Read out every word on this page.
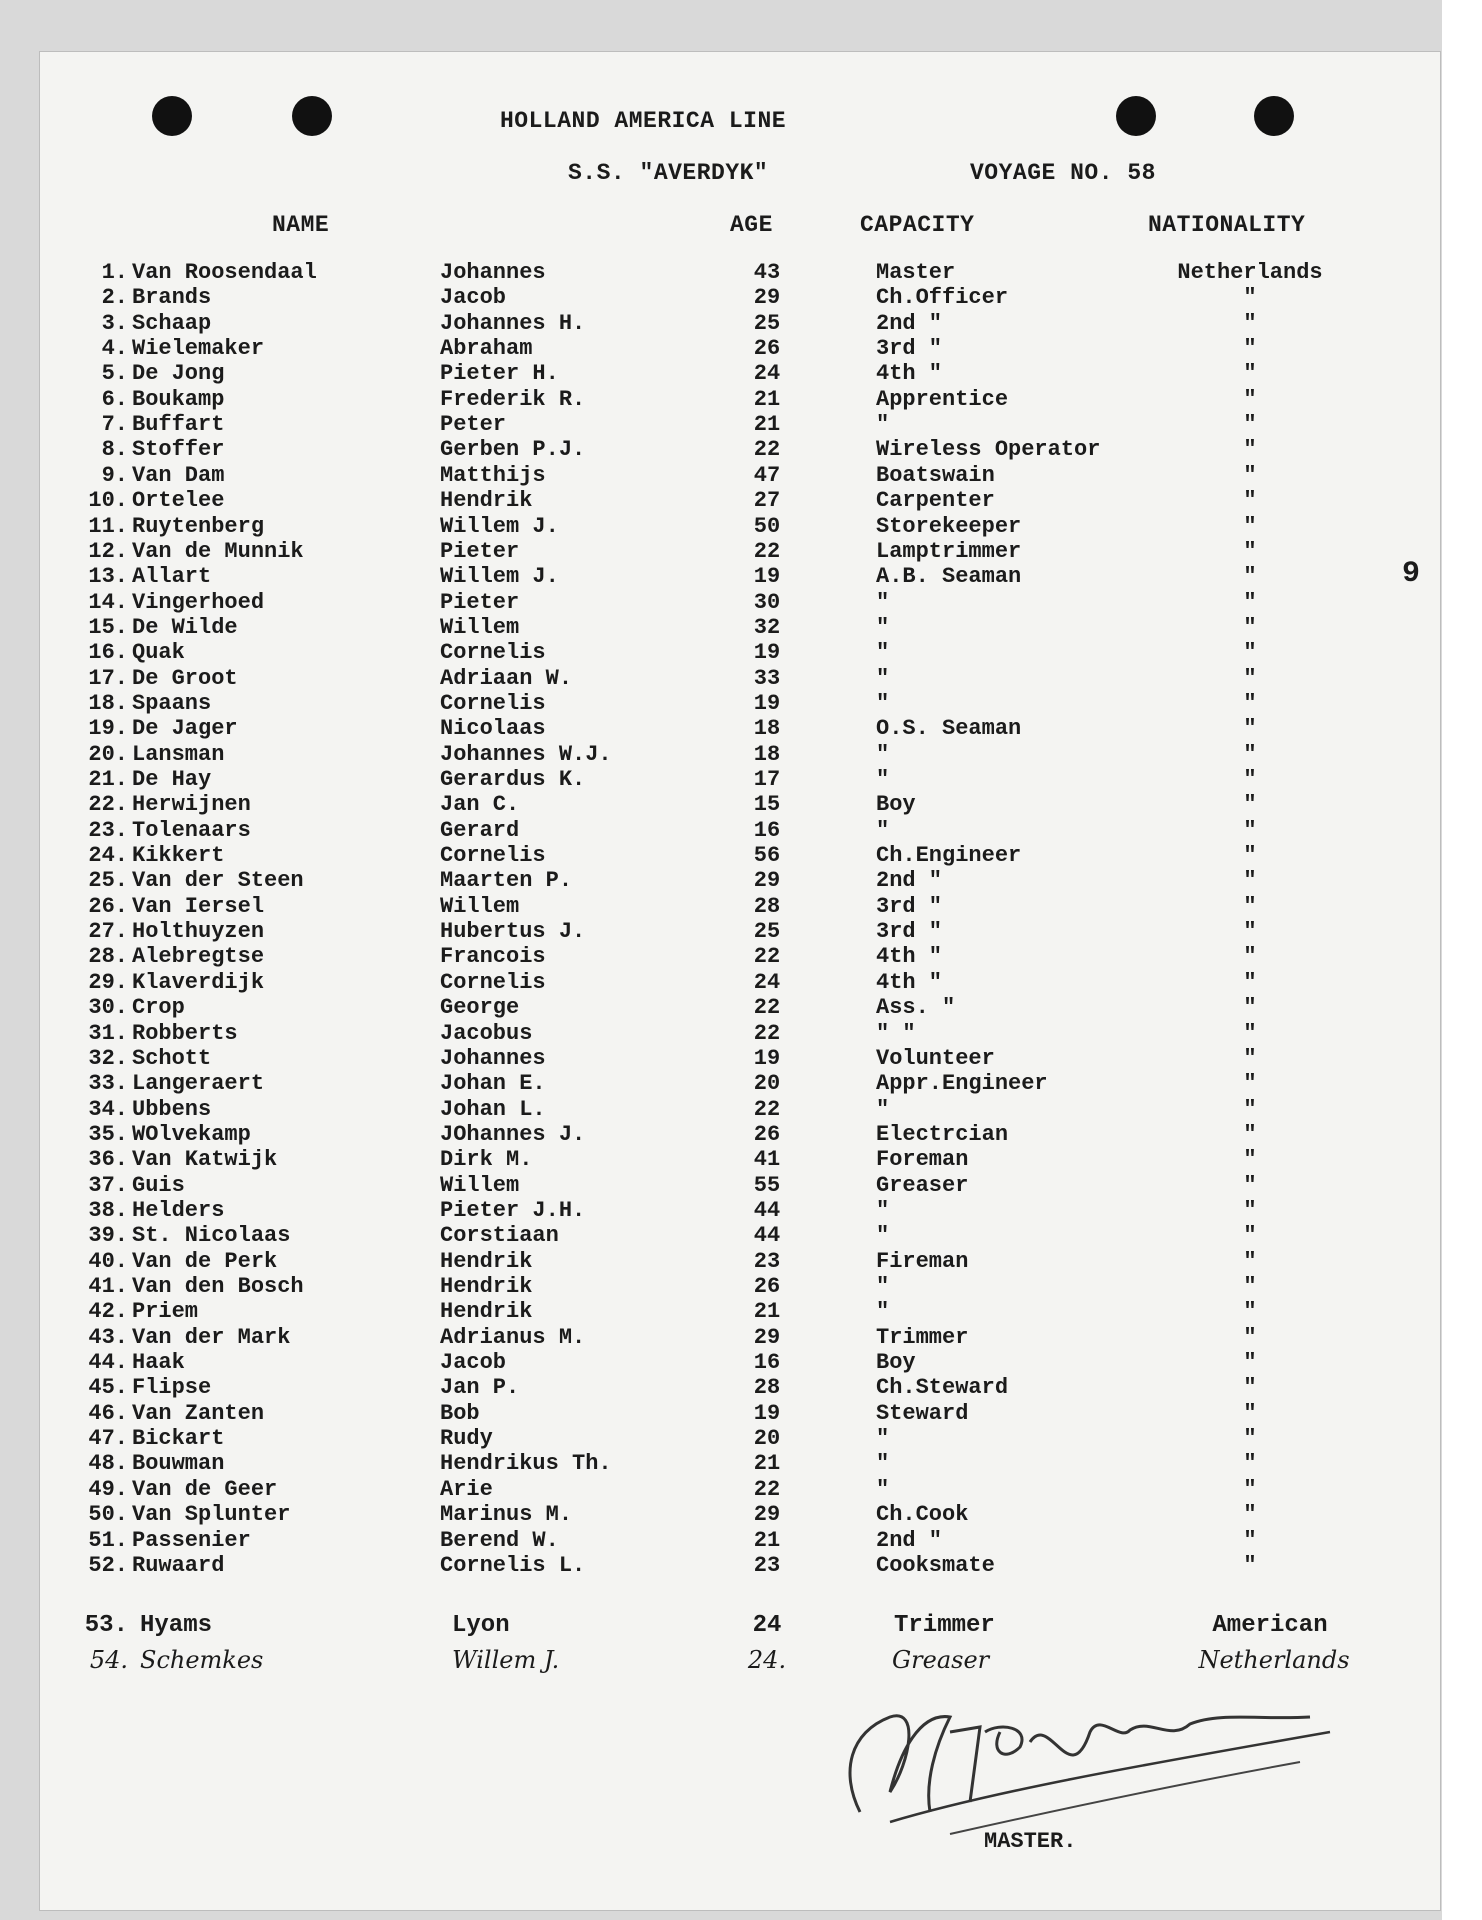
HOLLAND AMERICA LINE
S.S. "AVERDYK"	VOYAGE NO. 58
NAME	AGE	CAPACITY	NATIONALITY
1. Van Roosendaal	Johannes	43	Master	Netherlands
2. Brands	Jacob	29	Ch.Officer	"
3. Schaap	Johannes H.	25	2nd "	"
4. Wielemaker	Abraham	26	3rd "	"
5. De Jong	Pieter H.	24	4th "	"
6. Boukamp	Frederik R.	21	Apprentice	"
7. Buffart	Peter	21	"	"
8. Stoffer	Gerben P.J.	22	Wireless Operator	"
9. Van Dam	Matthijs	47	Boatswain	"
10. Ortelee	Hendrik	27	Carpenter	"
11. Ruytenberg	Willem J.	50	Storekeeper	"
12. Van de Munnik	Pieter	22	Lamptrimmer	"
13. Allart	Willem J.	19	A.B. Seaman	"
14. Vingerhoed	Pieter	30	"	"
15. De Wilde	Willem	32	"	"
16. Quak	Cornelis	19	"	"
17. De Groot	Adriaan W.	33	"	"
18. Spaans	Cornelis	19	"	"
19. De Jager	Nicolaas	18	O.S. Seaman	"
20. Lansman	Johannes W.J.	18	"	"
21. De Hay	Gerardus K.	17	"	"
22. Herwijnen	Jan C.	15	Boy	"
23. Tolenaars	Gerard	16	"	"
24. Kikkert	Cornelis	56	Ch.Engineer	"
25. Van der Steen	Maarten P.	29	2nd "	"
26. Van Iersel	Willem	28	3rd "	"
27. Holthuyzen	Hubertus J.	25	3rd "	"
28. Alebregtse	Francois	22	4th "	"
29. Klaverdijk	Cornelis	24	4th "	"
30. Crop	George	22	Ass. "	"
31. Robberts	Jacobus	22	" "	"
32. Schott	Johannes	19	Volunteer	"
33. Langeraert	Johan E.	20	Appr.Engineer	"
34. Ubbens	Johan L.	22	"	"
35. WOlvekamp	JOhannes J.	26	Electrcian	"
36. Van Katwijk	Dirk M.	41	Foreman	"
37. Guis	Willem	55	Greaser	"
38. Helders	Pieter J.H.	44	"	"
39. St. Nicolaas	Corstiaan	44	"	"
40. Van de Perk	Hendrik	23	Fireman	"
41. Van den Bosch	Hendrik	26	"	"
42. Priem	Hendrik	21	"	"
43. Van der Mark	Adrianus M.	29	Trimmer	"
44. Haak	Jacob	16	Boy	"
45. Flipse	Jan P.	28	Ch.Steward	"
46. Van Zanten	Bob	19	Steward	"
47. Bickart	Rudy	20	"	"
48. Bouwman	Hendrikus Th.	21	"	"
49. Van de Geer	Arie	22	"	"
50. Van Splunter	Marinus M.	29	Ch.Cook	"
51. Passenier	Berend W.	21	2nd "	"
52. Ruwaard	Cornelis L.	23	Cooksmate	"
53. Hyams	Lyon	24	Trimmer	American
54. Schemkes	Willem J.	24.	Greaser	Netherlands
MASTER.
9
